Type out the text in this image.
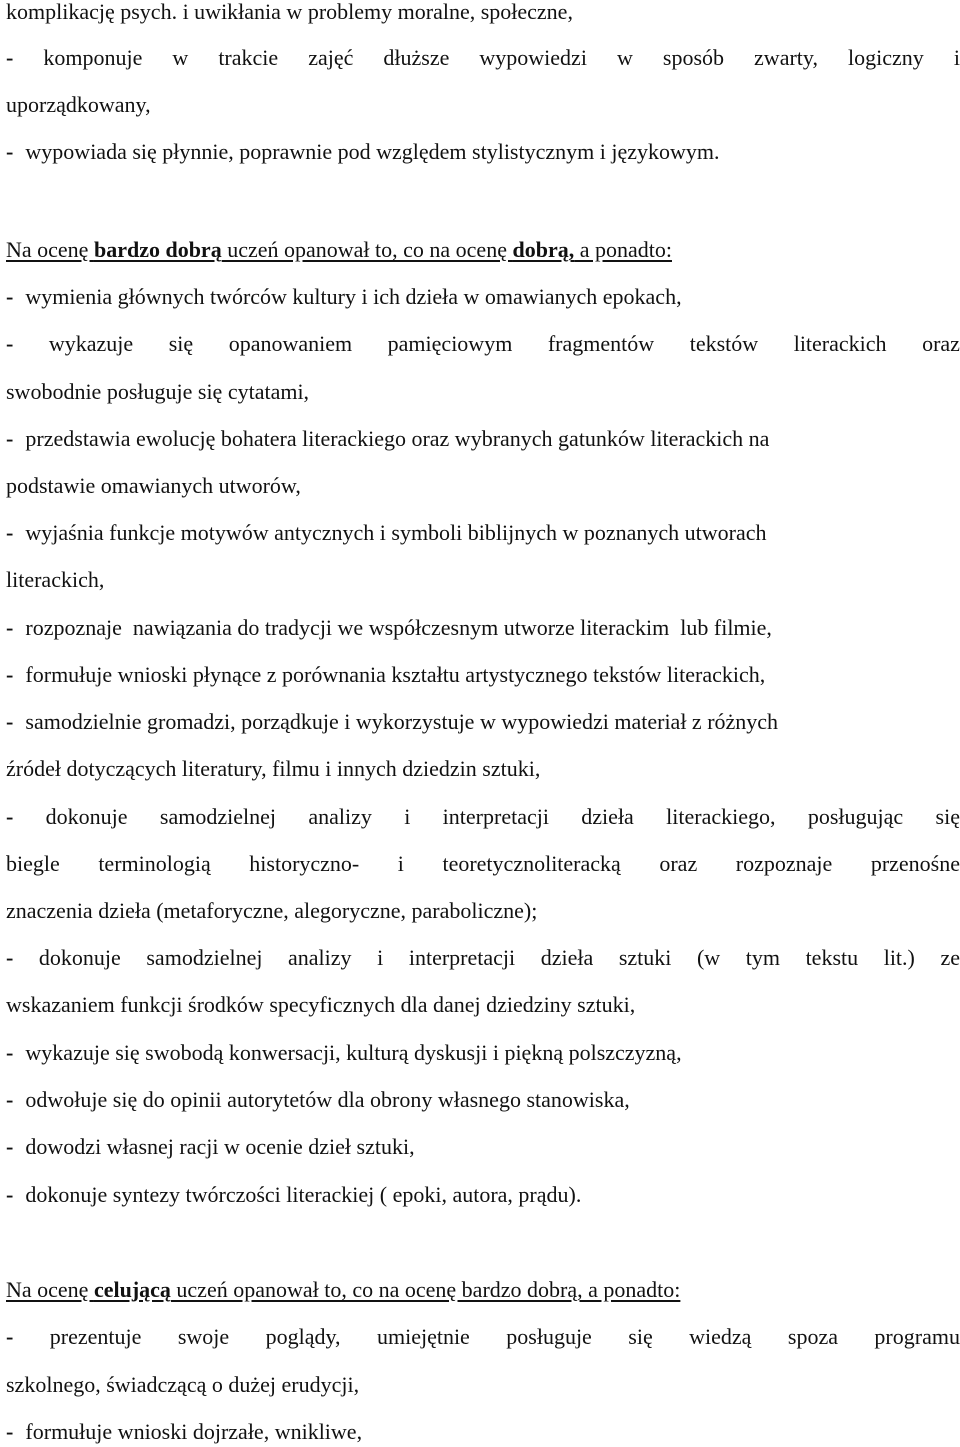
komplikację psych. i uwikłania w problemy moralne, społeczne,
- komponuje w trakcie zajęć dłuższe wypowiedzi w sposób zwarty, logiczny i
uporządkowany,
- wypowiada się płynnie, poprawnie pod względem stylistycznym i językowym.
Na ocenę bardzo dobrą uczeń opanował to, co na ocenę dobrą, a ponadto:
- wymienia głównych twórców kultury i ich dzieła w omawianych epokach,
- wykazuje się opanowaniem pamięciowym fragmentów tekstów literackich oraz
swobodnie posługuje się cytatami,
- przedstawia ewolucję bohatera literackiego oraz wybranych gatunków literackich na
podstawie omawianych utworów,
- wyjaśnia funkcje motywów antycznych i symboli biblijnych w poznanych utworach
literackich,
- rozpoznaje  nawiązania do tradycji we współczesnym utworze literackim  lub filmie,
- formułuje wnioski płynące z porównania kształtu artystycznego tekstów literackich,
- samodzielnie gromadzi, porządkuje i wykorzystuje w wypowiedzi materiał z różnych
źródeł dotyczących literatury, filmu i innych dziedzin sztuki,
- dokonuje samodzielnej analizy i interpretacji dzieła literackiego, posługując się
biegle terminologią historyczno- i teoretycznoliteracką oraz rozpoznaje przenośne
znaczenia dzieła (metaforyczne, alegoryczne, paraboliczne);
- dokonuje samodzielnej analizy i interpretacji dzieła sztuki (w tym tekstu lit.) ze
wskazaniem funkcji środków specyficznych dla danej dziedziny sztuki,
- wykazuje się swobodą konwersacji, kulturą dyskusji i piękną polszczyzną,
- odwołuje się do opinii autorytetów dla obrony własnego stanowiska,
- dowodzi własnej racji w ocenie dzieł sztuki,
- dokonuje syntezy twórczości literackiej ( epoki, autora, prądu).
Na ocenę celującą uczeń opanował to, co na ocenę bardzo dobrą, a ponadto:
- prezentuje swoje poglądy, umiejętnie posługuje się wiedzą spoza programu
szkolnego, świadczącą o dużej erudycji,
- formułuje wnioski dojrzałe, wnikliwe,
